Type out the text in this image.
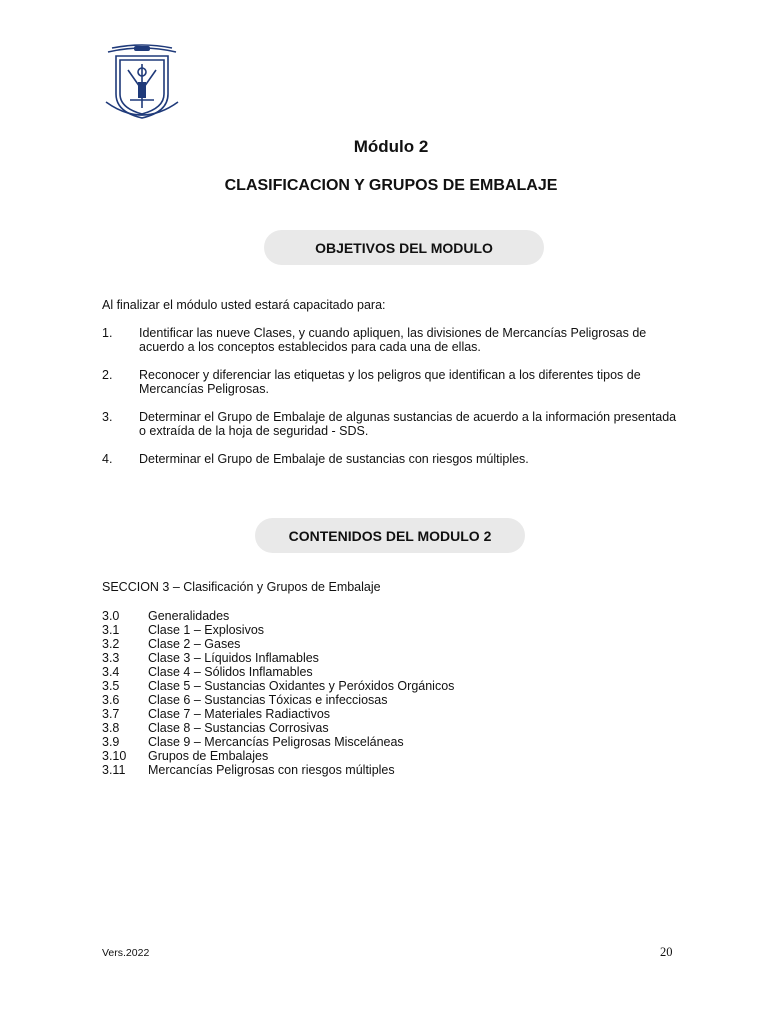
Módulo 2
CLASIFICACION Y GRUPOS DE EMBALAJE
OBJETIVOS DEL MODULO
Al finalizar el módulo usted estará capacitado para:
1.	Identificar las nueve Clases, y cuando apliquen, las divisiones de Mercancías Peligrosas de acuerdo a los conceptos establecidos para cada una de ellas.
2.	Reconocer y diferenciar las etiquetas y los peligros que identifican a los diferentes tipos de Mercancías Peligrosas.
3.	Determinar el Grupo de Embalaje de algunas sustancias de acuerdo a la información presentada o extraída de la hoja de seguridad - SDS.
4.	Determinar el Grupo de Embalaje de sustancias con riesgos múltiples.
CONTENIDOS DEL MODULO 2
SECCION 3 – Clasificación y Grupos de Embalaje
3.0	Generalidades
3.1	Clase 1 – Explosivos
3.2	Clase 2 – Gases
3.3	Clase 3 – Líquidos Inflamables
3.4	Clase 4 – Sólidos Inflamables
3.5	Clase 5 – Sustancias Oxidantes y Peróxidos Orgánicos
3.6	Clase 6 – Sustancias Tóxicas e infecciosas
3.7	Clase 7 – Materiales Radiactivos
3.8	Clase 8 – Sustancias Corrosivas
3.9	Clase 9 – Mercancías Peligrosas Misceláneas
3.10	Grupos de Embalajes
3.11	Mercancías Peligrosas con riesgos múltiples
Vers.2022	20
